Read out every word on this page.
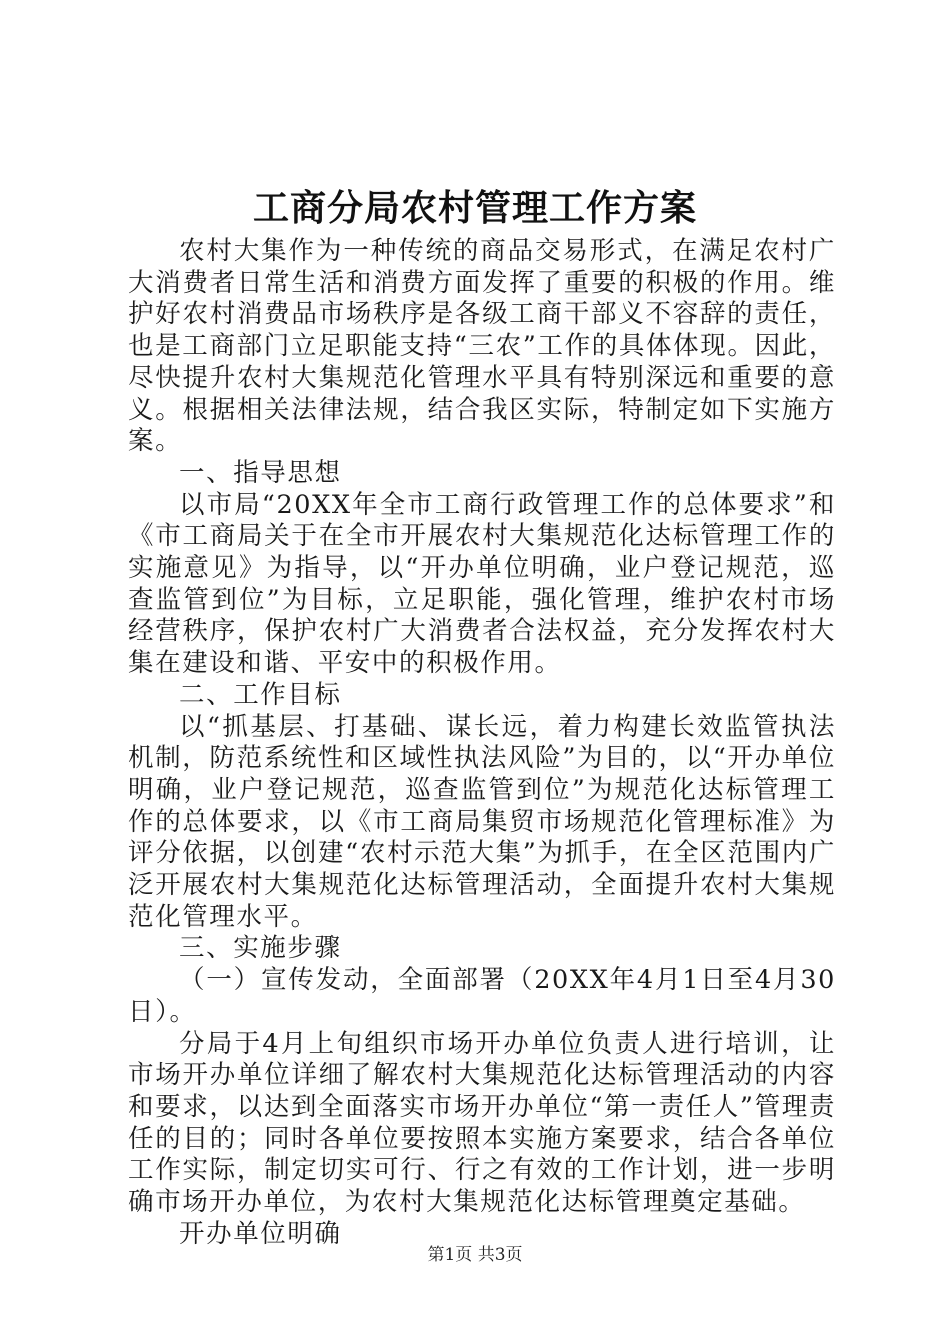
工商分局农村管理工作方案

农村大集作为一种传统的商品交易形式，在满足农村广大消费者日常生活和消费方面发挥了重要的积极的作用。维护好农村消费品市场秩序是各级工商干部义不容辞的责任，也是工商部门立足职能支持“三农”工作的具体体现。因此，尽快提升农村大集规范化管理水平具有特别深远和重要的意义。根据相关法律法规，结合我区实际，特制定如下实施方案。

一、指导思想

以市局“20XX年全市工商行政管理工作的总体要求”和《市工商局关于在全市开展农村大集规范化达标管理工作的实施意见》为指导，以“开办单位明确，业户登记规范，巡查监管到位”为目标，立足职能，强化管理，维护农村市场经营秩序，保护农村广大消费者合法权益，充分发挥农村大集在建设和谐、平安中的积极作用。

二、工作目标

以“抓基层、打基础、谋长远，着力构建长效监管执法机制，防范系统性和区域性执法风险”为目的，以“开办单位明确，业户登记规范，巡查监管到位”为规范化达标管理工作的总体要求，以《市工商局集贸市场规范化管理标准》为评分依据，以创建“农村示范大集”为抓手，在全区范围内广泛开展农村大集规范化达标管理活动，全面提升农村大集规范化管理水平。

三、实施步骤

（一）宣传发动，全面部署（20XX年4月1日至4月30日）。

分局于4月上旬组织市场开办单位负责人进行培训，让市场开办单位详细了解农村大集规范化达标管理活动的内容和要求，以达到全面落实市场开办单位“第一责任人”管理责任的目的；同时各单位要按照本实施方案要求，结合各单位工作实际，制定切实可行、行之有效的工作计划，进一步明确市场开办单位，为农村大集规范化达标管理奠定基础。

开办单位明确

第1页 共3页
